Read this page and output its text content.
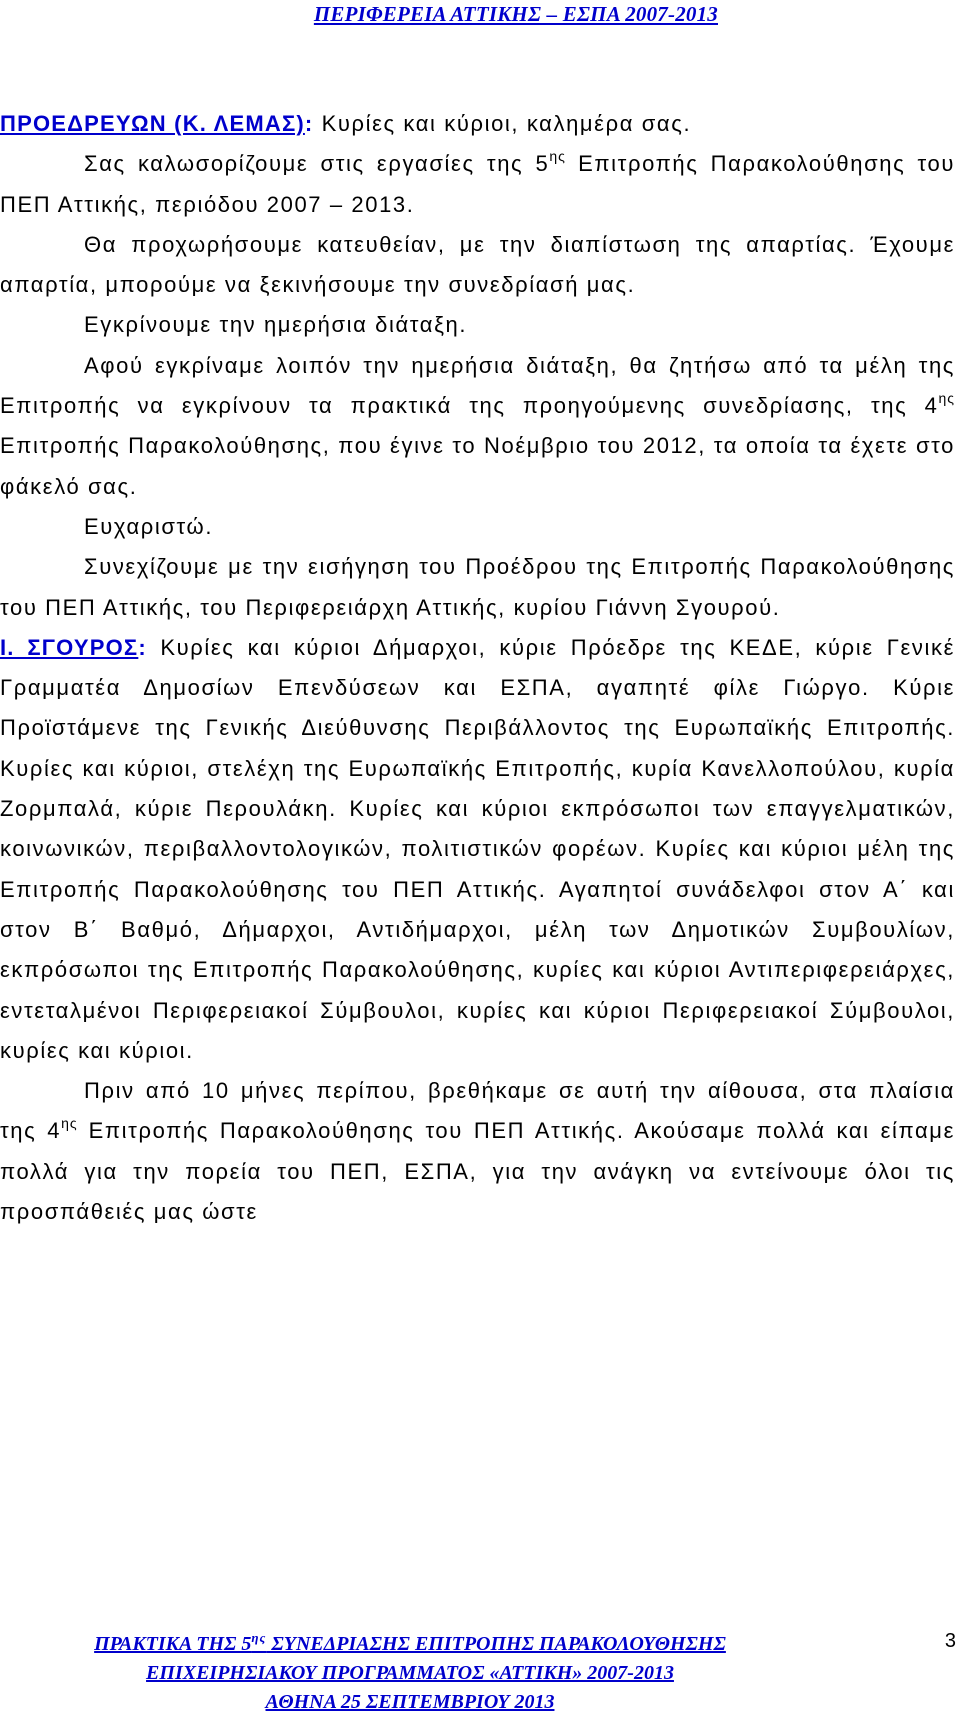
ΠΕΡΙΦΕΡΕΙΑ ΑΤΤΙΚΗΣ – ΕΣΠΑ 2007-2013

ΠΡΟΕΔΡΕΥΩΝ (Κ. ΛΕΜΑΣ): Κυρίες και κύριοι, καλημέρα σας.

Σας καλωσορίζουμε στις εργασίες της $5^{\eta\varsigma}$ Επιτροπής Παρακολούθησης του ΠΕΠ Αττικής, περιόδου 2007 – 2013.

Θα προχωρήσουμε κατευθείαν, με την διαπίστωση της απαρτίας. Έχουμε απαρτία, μπορούμε να ξεκινήσουμε την συνεδρίασή μας.

Εγκρίνουμε την ημερήσια διάταξη.

Αφού εγκρίναμε λοιπόν την ημερήσια διάταξη, θα ζητήσω από τα μέλη της Επιτροπής να εγκρίνουν τα πρακτικά της προηγούμενης συνεδρίασης, της $4^{\eta\varsigma}$ Επιτροπής Παρακολούθησης, που έγινε το Νοέμβριο του 2012, τα οποία τα έχετε στο φάκελό σας.

Ευχαριστώ.

Συνεχίζουμε με την εισήγηση του Προέδρου της Επιτροπής Παρακολούθησης του ΠΕΠ Αττικής, του Περιφερειάρχη Αττικής, κυρίου Γιάννη Σγουρού.

Ι. ΣΓΟΥΡΟΣ: Κυρίες και κύριοι Δήμαρχοι, κύριε Πρόεδρε της ΚΕΔΕ, κύριε Γενικέ Γραμματέα Δημοσίων Επενδύσεων και ΕΣΠΑ, αγαπητέ φίλε Γιώργο. Κύριε Προϊστάμενε της Γενικής Διεύθυνσης Περιβάλλοντος της Ευρωπαϊκής Επιτροπής. Κυρίες και κύριοι, στελέχη της Ευρωπαϊκής Επιτροπής, κυρία Κανελλοπούλου, κυρία Ζορμπαλά, κύριε Περουλάκη. Κυρίες και κύριοι εκπρόσωποι των επαγγελματικών, κοινωνικών, περιβαλλοντολογικών, πολιτιστικών φορέων. Κυρίες και κύριοι μέλη της Επιτροπής Παρακολούθησης του ΠΕΠ Αττικής. Αγαπητοί συνάδελφοι στον Α΄ και στον Β΄ Βαθμό, Δήμαρχοι, Αντιδήμαρχοι, μέλη των Δημοτικών Συμβουλίων, εκπρόσωποι της Επιτροπής Παρακολούθησης, κυρίες και κύριοι Αντιπεριφερειάρχες, εντεταλμένοι Περιφερειακοί Σύμβουλοι, κυρίες και κύριοι Περιφερειακοί Σύμβουλοι, κυρίες και κύριοι.

Πριν από 10 μήνες περίπου, βρεθήκαμε σε αυτή την αίθουσα, στα πλαίσια της $4^{\eta\varsigma}$ Επιτροπής Παρακολούθησης του ΠΕΠ Αττικής. Ακούσαμε πολλά και είπαμε πολλά για την πορεία του ΠΕΠ, ΕΣΠΑ, για την ανάγκη να εντείνουμε όλοι τις προσπάθειές μας ώστε

ΠΡΑΚΤΙΚΑ ΤΗΣ $5^{\eta\varsigma}$ ΣΥΝΕΔΡΙΑΣΗΣ ΕΠΙΤΡΟΠΗΣ ΠΑΡΑΚΟΛΟΥΘΗΣΗΣ
ΕΠΙΧΕΙΡΗΣΙΑΚΟΥ ΠΡΟΓΡΑΜΜΑΤΟΣ «ΑΤΤΙΚΗ» 2007-2013
ΑΘΗΝΑ 25 ΣΕΠΤΕΜΒΡΙΟΥ 2013
3
